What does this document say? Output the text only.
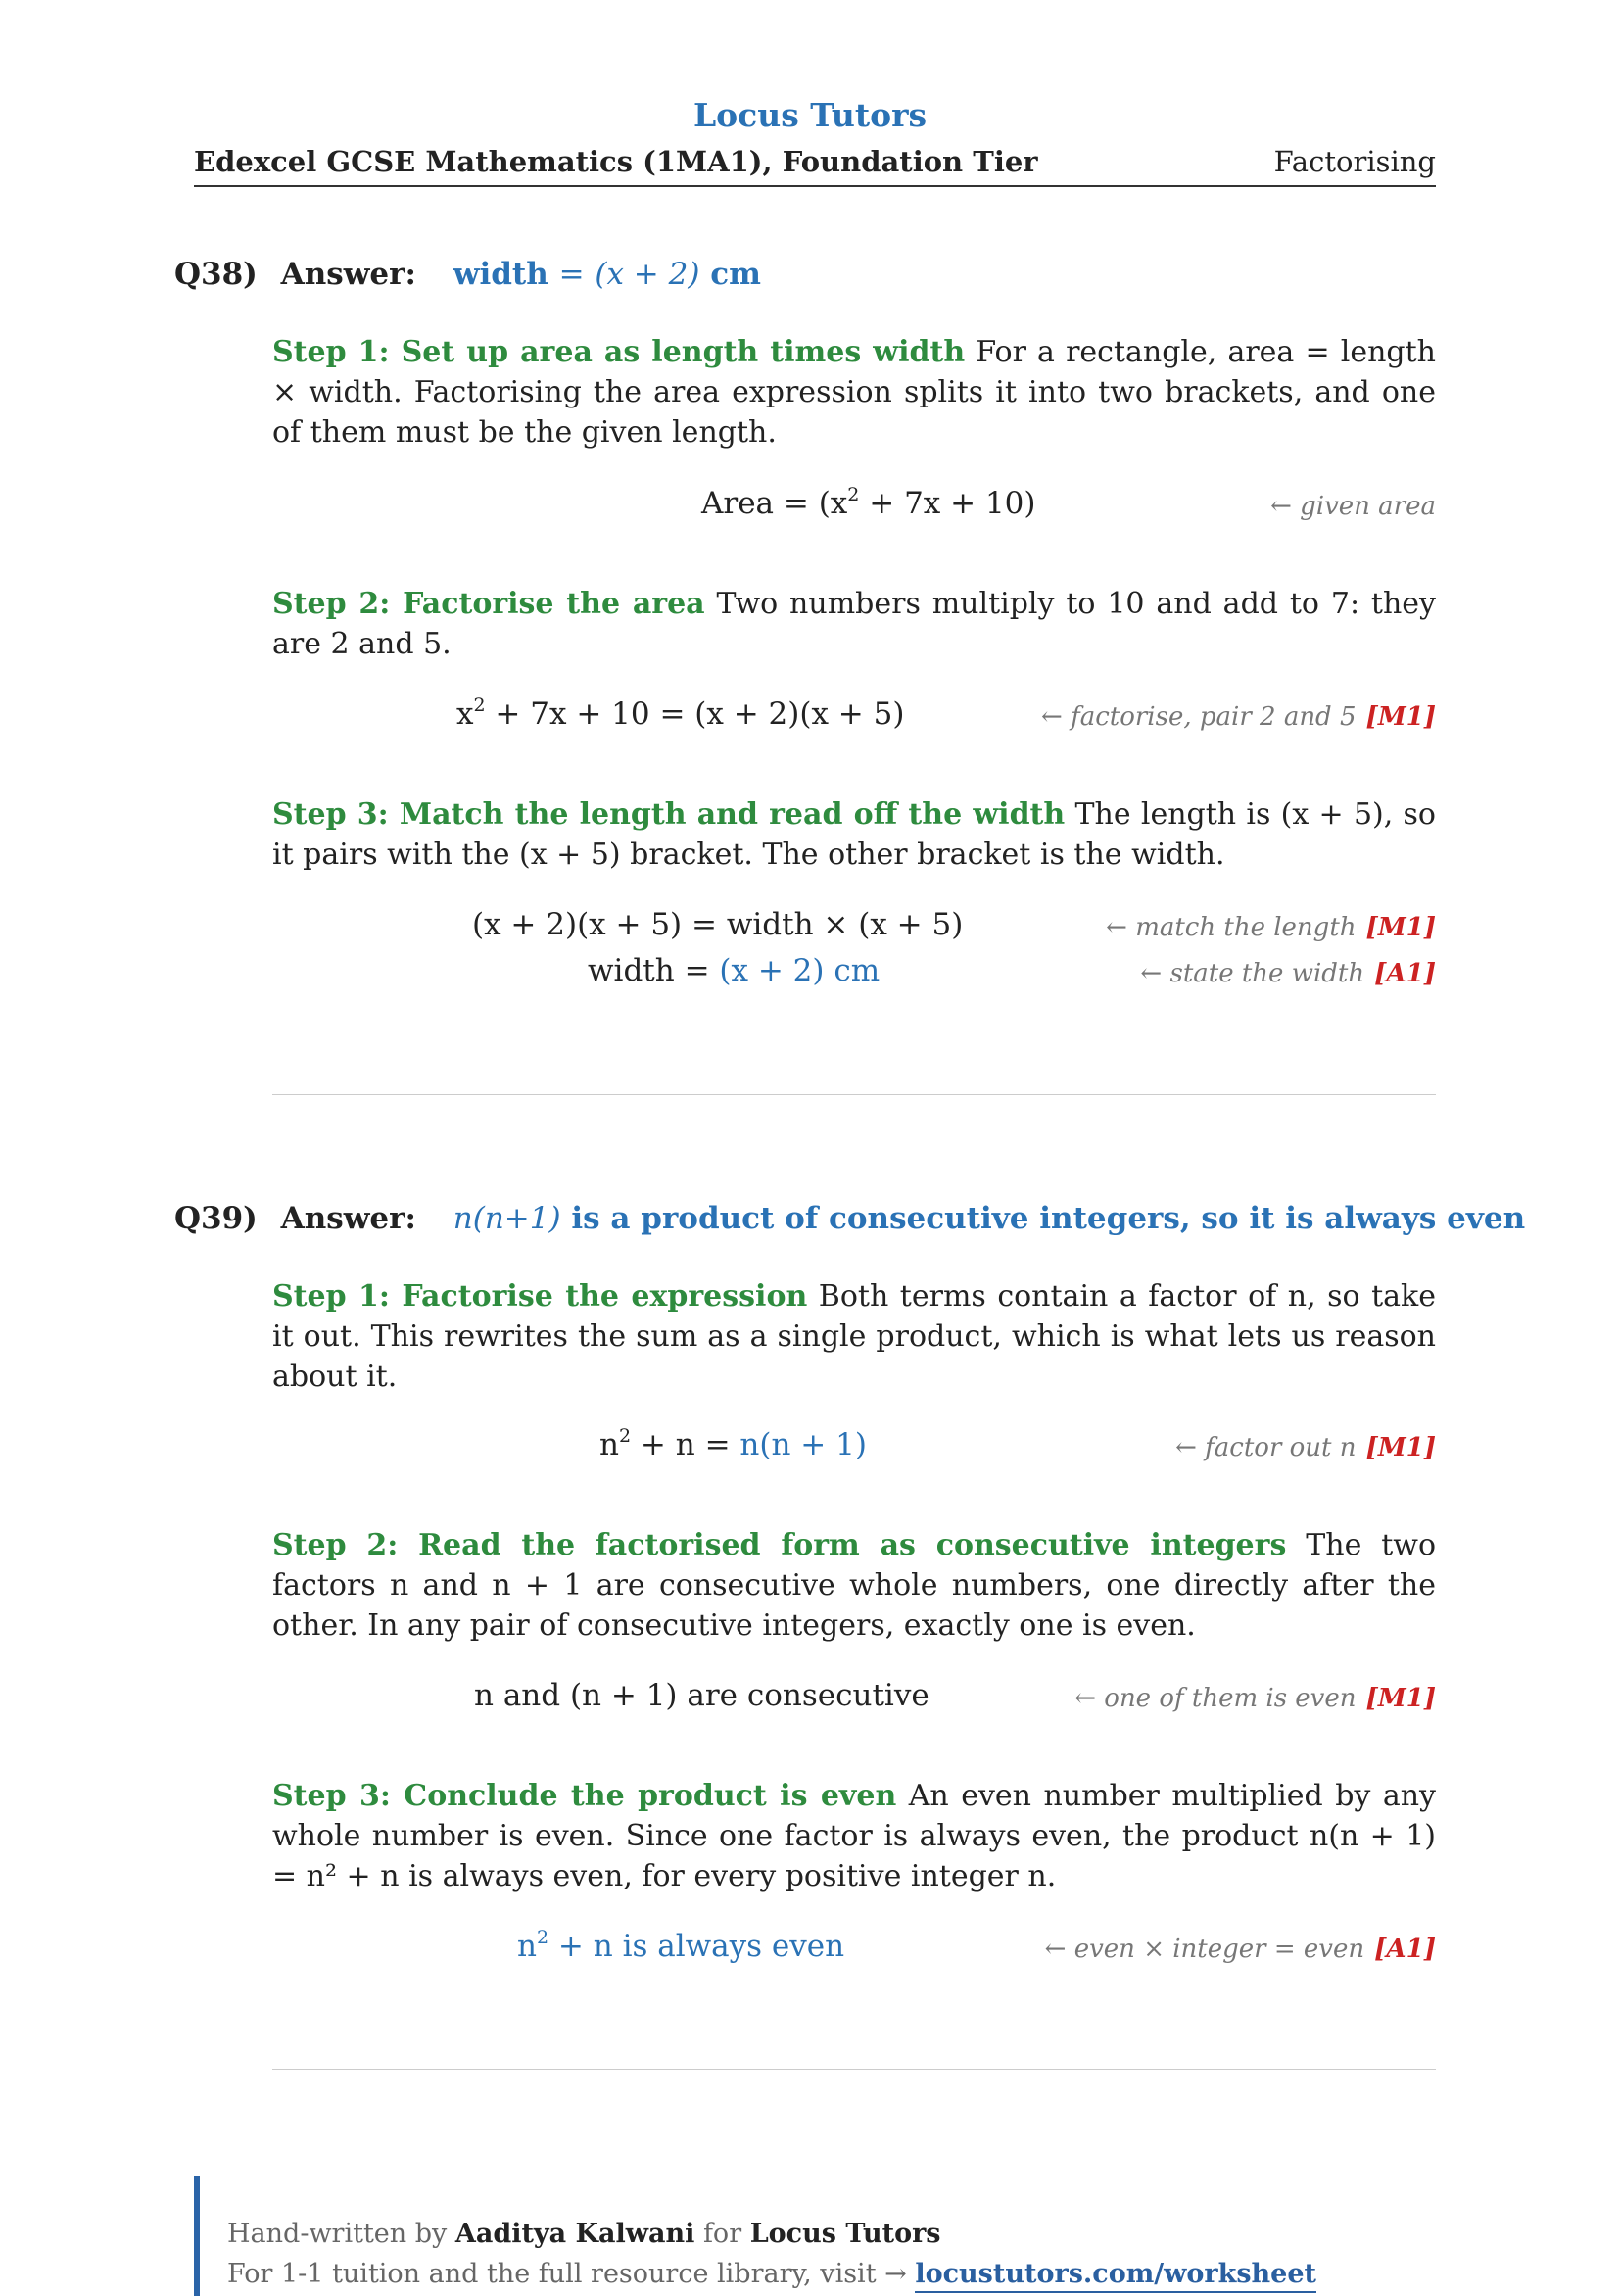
Locus Tutors
Edexcel GCSE Mathematics (1MA1), Foundation Tier	Factorising
Q38) Answer: width = (x + 2) cm
Step 1: Set up area as length times width For a rectangle, area = length × width. Factorising the area expression splits it into two brackets, and one of them must be the given length.
Area = $(x^2 + 7x + 10)$	← given area
Step 2: Factorise the area Two numbers multiply to 10 and add to 7: they are 2 and 5.
$x^2 + 7x + 10 = (x + 2)(x + 5)$	← factorise, pair 2 and 5 [M1]
Step 3: Match the length and read off the width The length is (x + 5), so it pairs with the (x + 5) bracket. The other bracket is the width.
(x + 2)(x + 5) = width × (x + 5)	← match the length [M1]
width = (x + 2) cm	← state the width [A1]
Q39) Answer: n(n+1) is a product of consecutive integers, so it is always even
Step 1: Factorise the expression Both terms contain a factor of n, so take it out. This rewrites the sum as a single product, which is what lets us reason about it.
$n^2 + n = n(n + 1)$	← factor out n [M1]
Step 2: Read the factorised form as consecutive integers The two factors n and n + 1 are consecutive whole numbers, one directly after the other. In any pair of consecutive integers, exactly one is even.
n and (n + 1) are consecutive	← one of them is even [M1]
Step 3: Conclude the product is even An even number multiplied by any whole number is even. Since one factor is always even, the product n(n + 1) = n² + n is always even, for every positive integer n.
$n^2 + n$ is always even	← even × integer = even [A1]
Hand-written by Aaditya Kalwani for Locus Tutors
For 1-1 tuition and the full resource library, visit → locustutors.com/worksheet
